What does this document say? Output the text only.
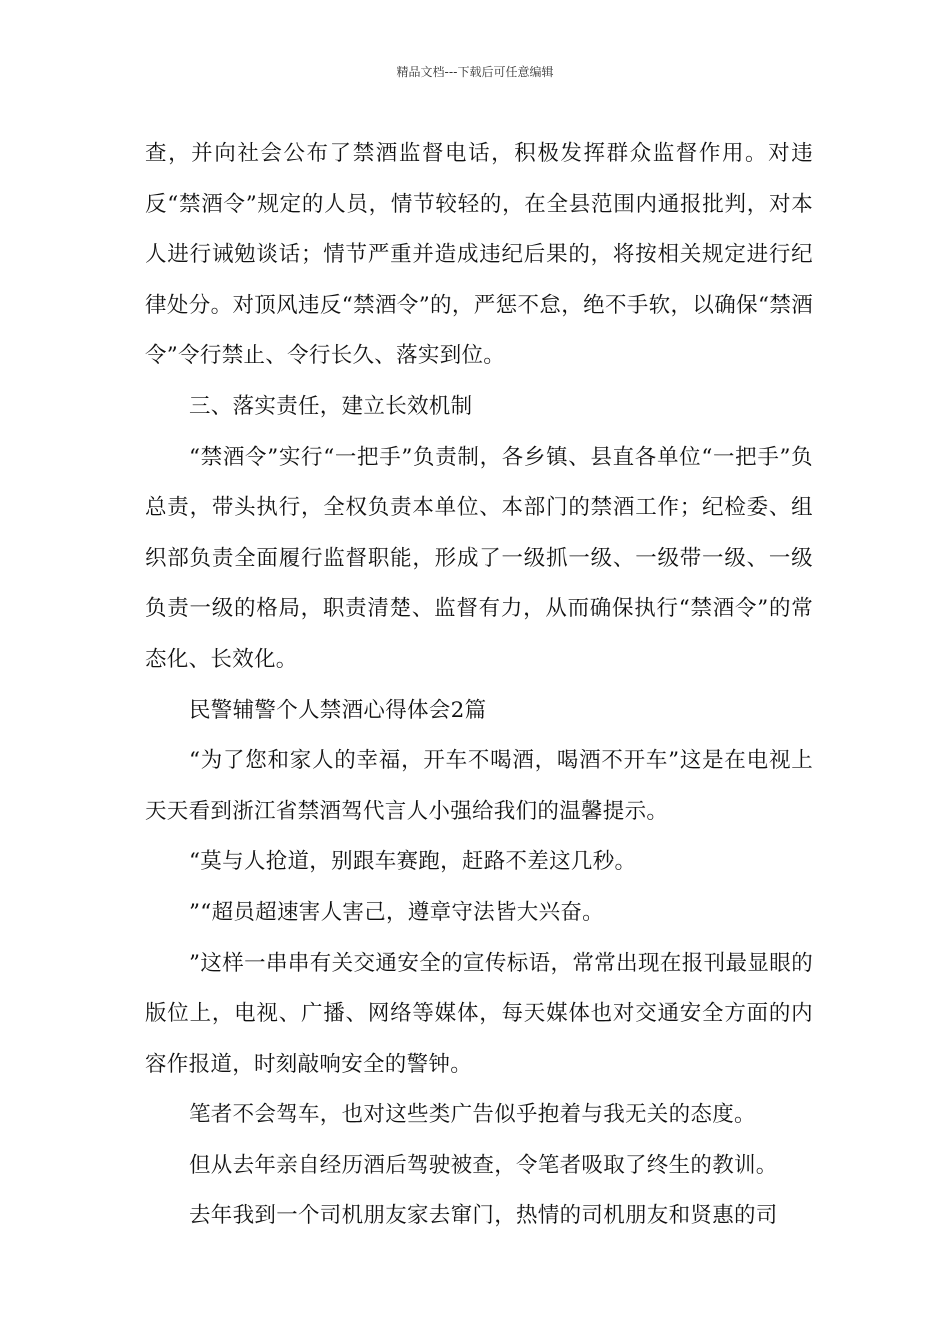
精品文档---下载后可任意编辑

查，并向社会公布了禁酒监督电话，积极发挥群众监督作用。对违反“禁酒令”规定的人员，情节较轻的，在全县范围内通报批判，对本人进行诫勉谈话；情节严重并造成违纪后果的，将按相关规定进行纪律处分。对顶风违反“禁酒令”的，严惩不怠，绝不手软，以确保“禁酒令”令行禁止、令行长久、落实到位。

三、落实责任，建立长效机制

“禁酒令”实行“一把手”负责制，各乡镇、县直各单位“一把手”负总责，带头执行，全权负责本单位、本部门的禁酒工作；纪检委、组织部负责全面履行监督职能，形成了一级抓一级、一级带一级、一级负责一级的格局，职责清楚、监督有力，从而确保执行“禁酒令”的常态化、长效化。

民警辅警个人禁酒心得体会2篇

“为了您和家人的幸福，开车不喝酒，喝酒不开车”这是在电视上天天看到浙江省禁酒驾代言人小强给我们的温馨提示。

“莫与人抢道，别跟车赛跑，赶路不差这几秒。

”“超员超速害人害己，遵章守法皆大兴奋。

”这样一串串有关交通安全的宣传标语，常常出现在报刊最显眼的版位上，电视、广播、网络等媒体，每天媒体也对交通安全方面的内容作报道，时刻敲响安全的警钟。

笔者不会驾车，也对这些类广告似乎抱着与我无关的态度。

但从去年亲自经历酒后驾驶被查，令笔者吸取了终生的教训。

去年我到一个司机朋友家去窜门，热情的司机朋友和贤惠的司
